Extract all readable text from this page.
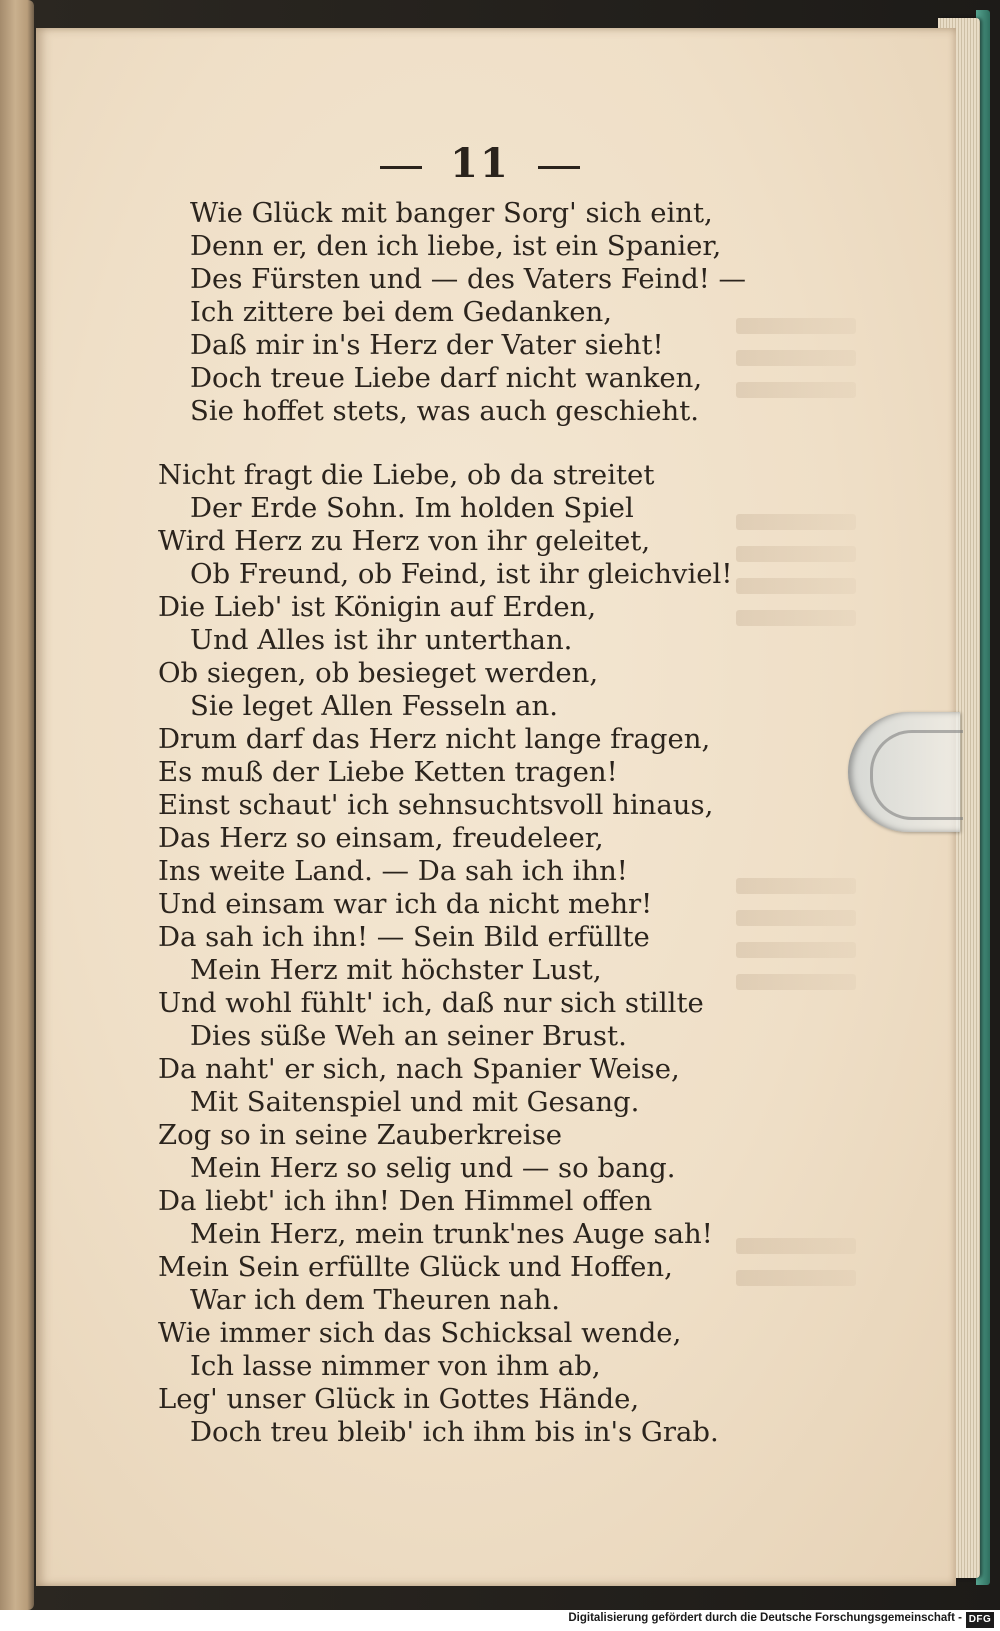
11
Wie Glück mit banger Sorg' sich eint,
Denn er, den ich liebe, ist ein Spanier,
Des Fürsten und — des Vaters Feind! —
Ich zittere bei dem Gedanken,
Daß mir in's Herz der Vater sieht!
Doch treue Liebe darf nicht wanken,
Sie hoffet stets, was auch geschieht.
Nicht fragt die Liebe, ob da streitet
Der Erde Sohn. Im holden Spiel
Wird Herz zu Herz von ihr geleitet,
Ob Freund, ob Feind, ist ihr gleichviel!
Die Lieb' ist Königin auf Erden,
Und Alles ist ihr unterthan.
Ob siegen, ob besieget werden,
Sie leget Allen Fesseln an.
Drum darf das Herz nicht lange fragen,
Es muß der Liebe Ketten tragen!
Einst schaut' ich sehnsuchtsvoll hinaus,
Das Herz so einsam, freudeleer,
Ins weite Land. — Da sah ich ihn!
Und einsam war ich da nicht mehr!
Da sah ich ihn! — Sein Bild erfüllte
Mein Herz mit höchster Lust,
Und wohl fühlt' ich, daß nur sich stillte
Dies süße Weh an seiner Brust.
Da naht' er sich, nach Spanier Weise,
Mit Saitenspiel und mit Gesang.
Zog so in seine Zauberkreise
Mein Herz so selig und — so bang.
Da liebt' ich ihn! Den Himmel offen
Mein Herz, mein trunk'nes Auge sah!
Mein Sein erfüllte Glück und Hoffen,
War ich dem Theuren nah.
Wie immer sich das Schicksal wende,
Ich lasse nimmer von ihm ab,
Leg' unser Glück in Gottes Hände,
Doch treu bleib' ich ihm bis in's Grab.
Digitalisierung gefördert durch die Deutsche Forschungsgemeinschaft - DFG
